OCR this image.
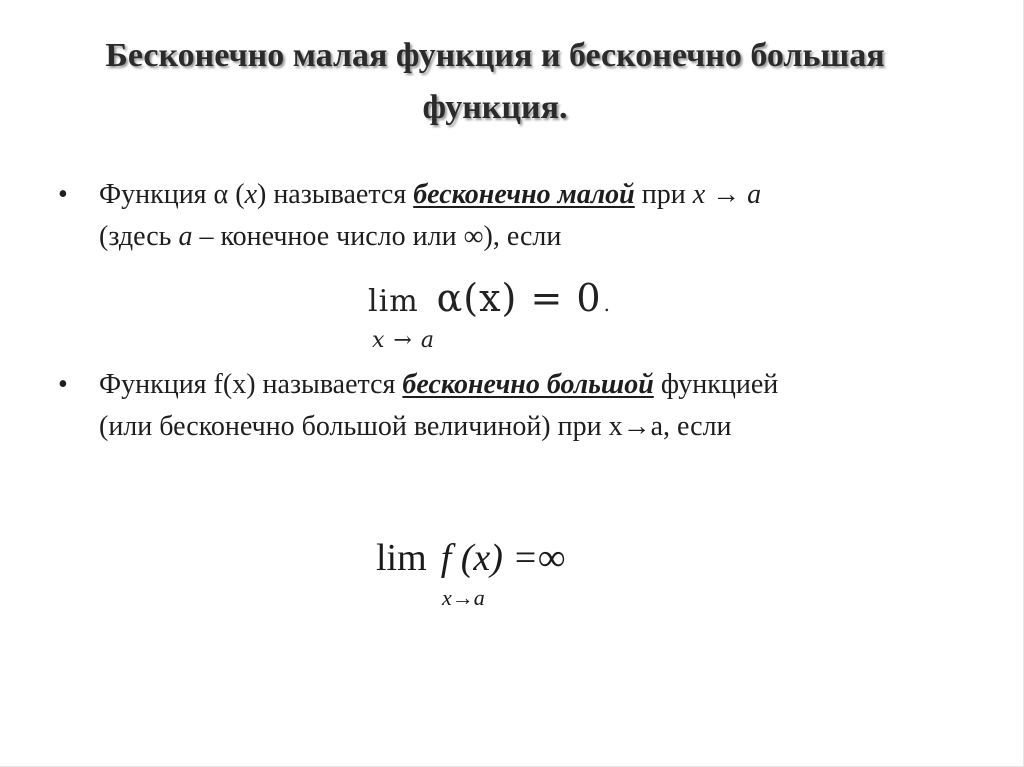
Бесконечно малая функция и бесконечно большая
функция.
•	Функция α (x) называется бесконечно малой при x → a
(здесь a – конечное число или ∞), если
lim α(x) = 0 .
x → a
•	Функция f(x) называется бесконечно большой функцией
(или бесконечно большой величиной) при x→a, если
lim f (x) =∞
x→a
